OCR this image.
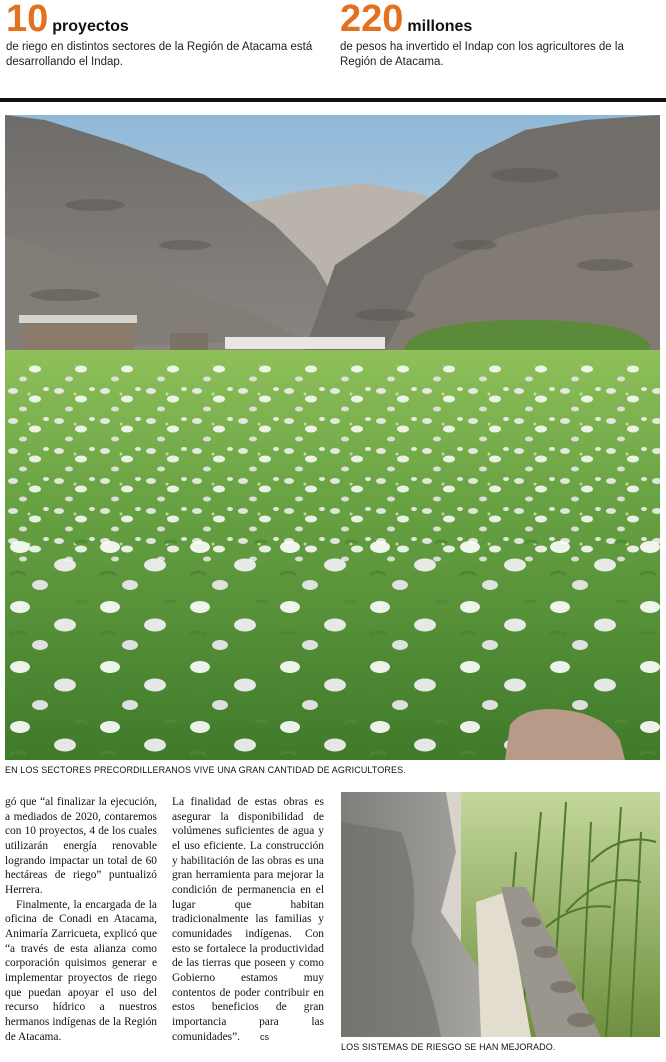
10 proyectos
de riego en distintos sectores de la Región de Atacama está desarrollando el Indap.
220 millones
de pesos ha invertido el Indap con los agricultores de la Región de Atacama.
EN LOS SECTORES PRECORDILLERANOS VIVE UNA GRAN CANTIDAD DE AGRICULTORES.

gó que “al finalizar la ejecución, a mediados de 2020, contaremos con 10 proyectos, 4 de los cuales utilizarán energía renovable logrando impactar un total de 60 hectáreas de riego” puntualizó Herrera.

Finalmente, la encargada de la oficina de Conadi en Atacama, Animaría Zarricueta, explicó que “a través de esta alianza como corporación quisimos generar e implementar proyectos de riego que puedan apoyar el uso del recurso hídrico a nuestros hermanos indígenas de la Región de Atacama.

La finalidad de estas obras es asegurar la disponibilidad de volúmenes suficientes de agua y el uso eficiente. La construcción y habilitación de las obras es una gran herramienta para mejorar la condición de permanencia en el lugar que habitan tradicionalmente las familias y comunidades indígenas. Con esto se fortalece la productividad de las tierras que poseen y como Gobierno estamos muy contentos de poder contribuir en estos beneficios de gran importancia para las comunidades”. cs

LOS SISTEMAS DE RIESGO SE HAN MEJORADO.
